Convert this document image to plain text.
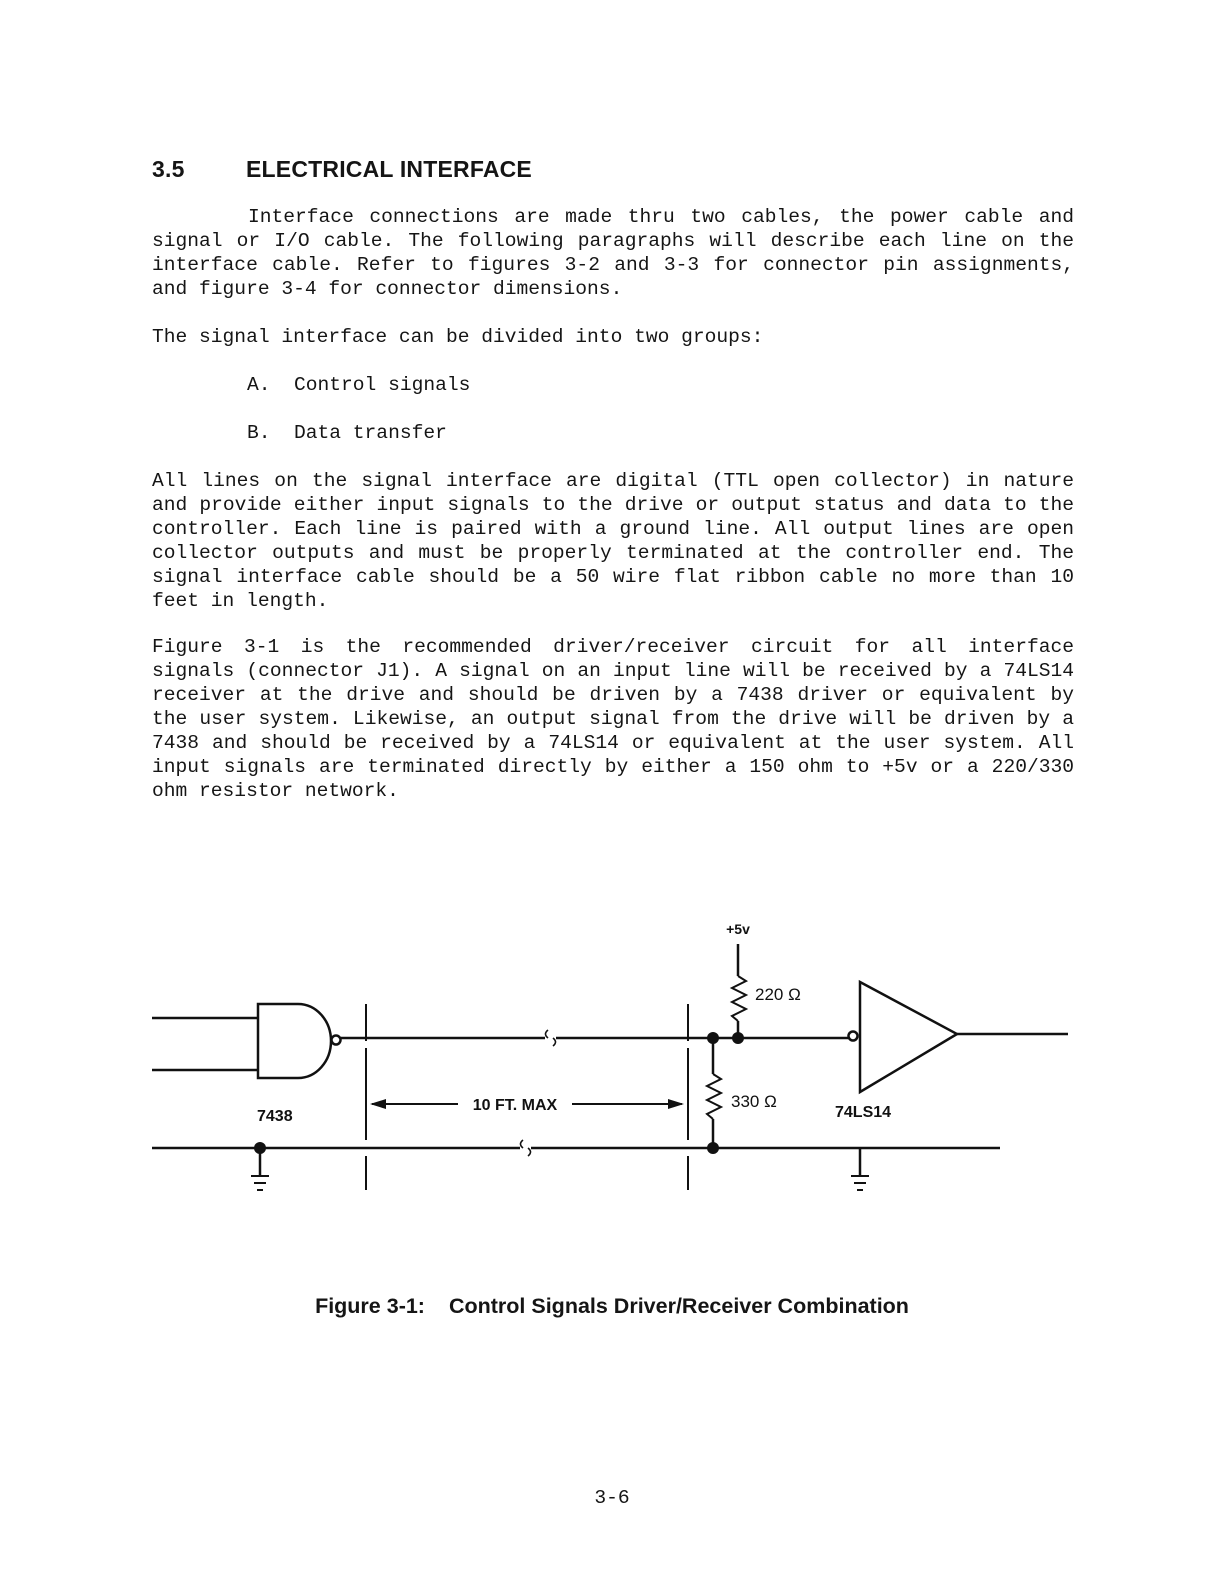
3.5	ELECTRICAL INTERFACE

Interface connections are made thru two cables, the power cable and signal or I/O cable. The following paragraphs will describe each line on the interface cable. Refer to figures 3-2 and 3-3 for connector pin assignments, and figure 3-4 for connector dimensions.

The signal interface can be divided into two groups:

A. Control signals
B. Data transfer

All lines on the signal interface are digital (TTL open collector) in nature and provide either input signals to the drive or output status and data to the controller. Each line is paired with a ground line. All output lines are open collector outputs and must be properly terminated at the controller end. The signal interface cable should be a 50 wire flat ribbon cable no more than 10 feet in length.

Figure 3-1 is the recommended driver/receiver circuit for all interface signals (connector J1). A signal on an input line will be received by a 74LS14 receiver at the drive and should be driven by a 7438 driver or equivalent by the user system. Likewise, an output signal from the drive will be driven by a 7438 and should be received by a 74LS14 or equivalent at the user system. All input signals are terminated directly by either a 150 ohm to +5v or a 220/330 ohm resistor network.

+5v
220 Ω
330 Ω
7438	74LS14
10 FT. MAX
Figure 3-1: Control Signals Driver/Receiver Combination
3-6
